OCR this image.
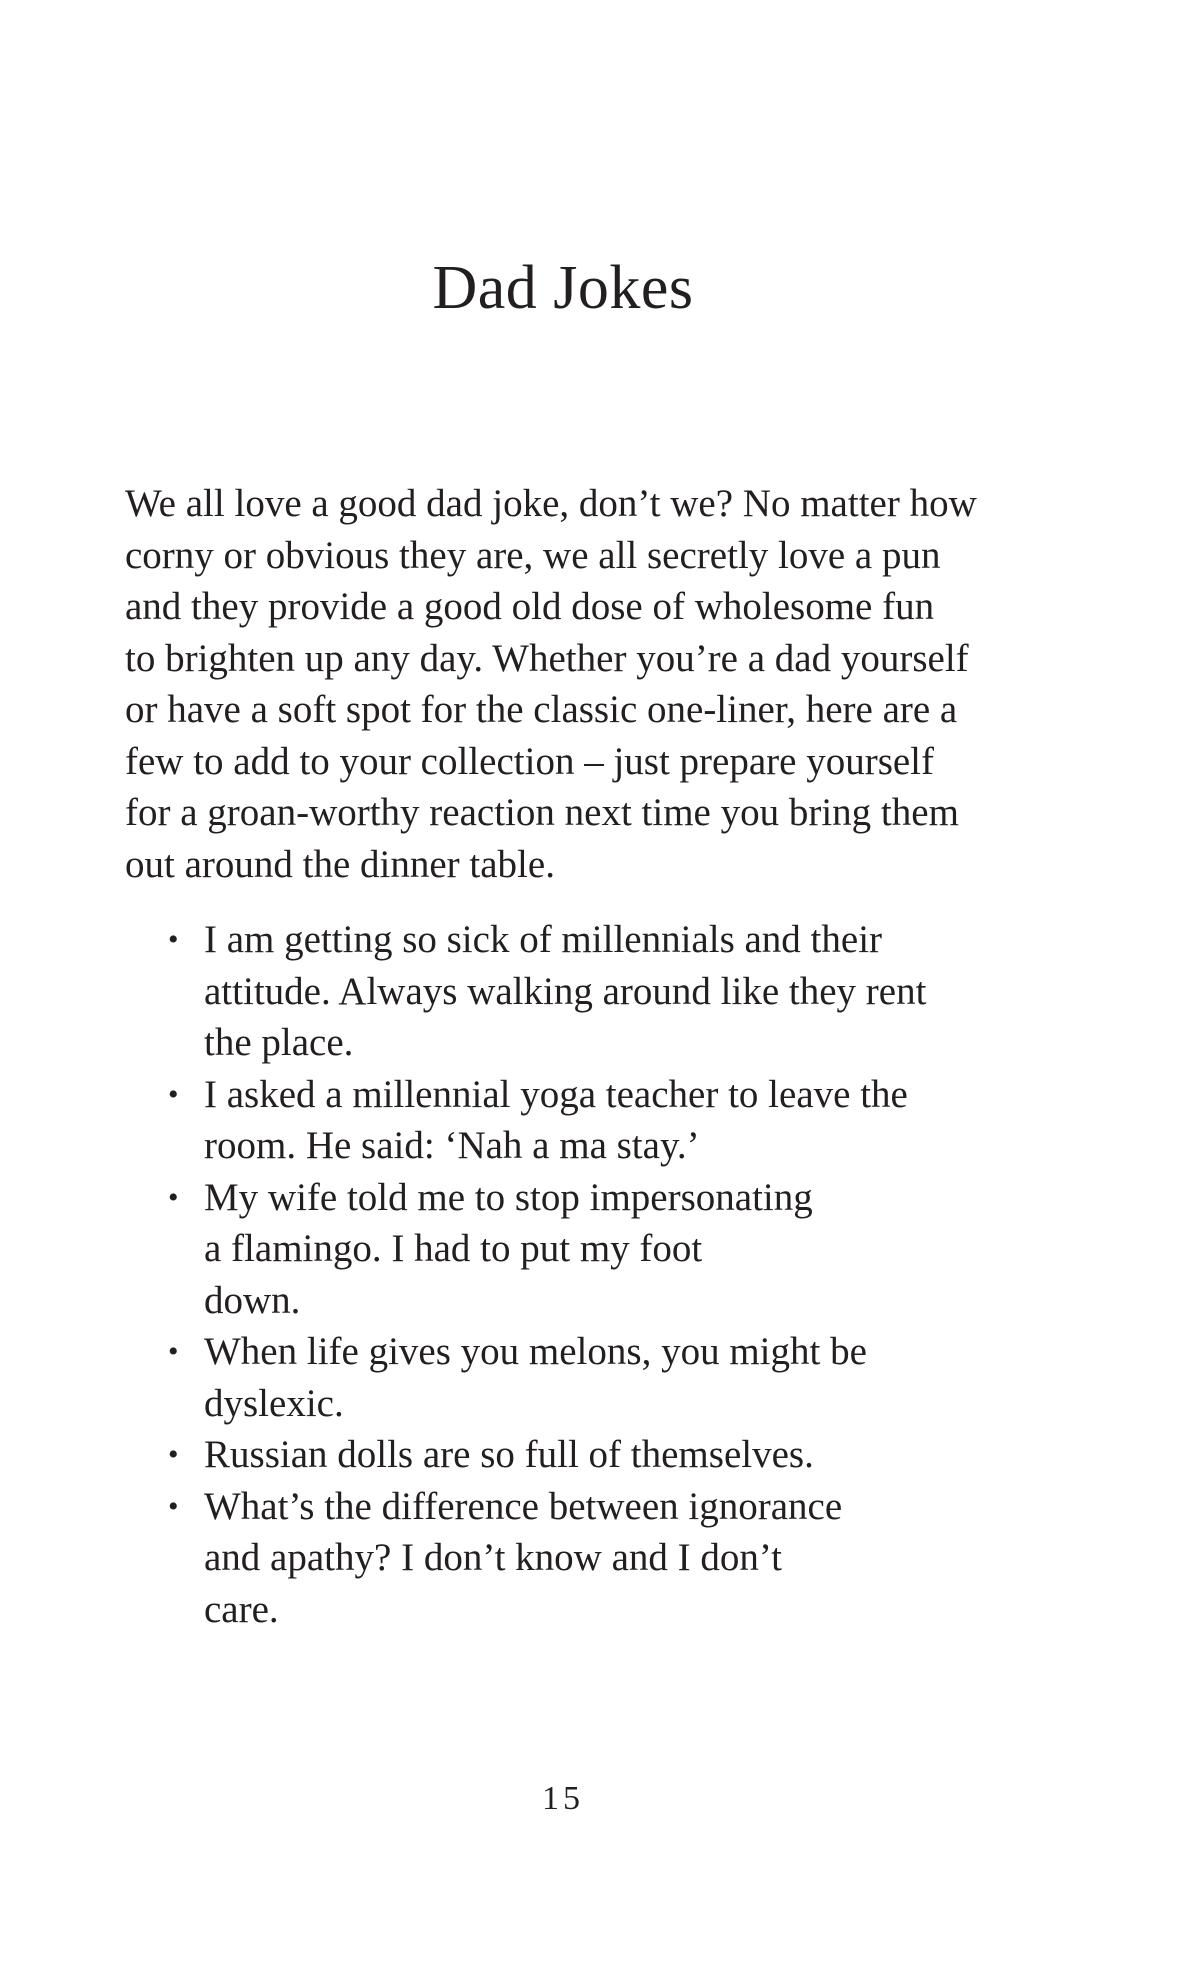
Dad Jokes

We all love a good dad joke, don’t we? No matter how
corny or obvious they are, we all secretly love a pun
and they provide a good old dose of wholesome fun
to brighten up any day. Whether you’re a dad yourself
or have a soft spot for the classic one-liner, here are a
few to add to your collection – just prepare yourself
for a groan-worthy reaction next time you bring them
out around the dinner table.

• I am getting so sick of millennials and their
attitude. Always walking around like they rent
the place.
• I asked a millennial yoga teacher to leave the
room. He said: ‘Nah a ma stay.’
• My wife told me to stop impersonating
a flamingo. I had to put my foot
down.
• When life gives you melons, you might be
dyslexic.
• Russian dolls are so full of themselves.
• What’s the difference between ignorance
and apathy? I don’t know and I don’t
care.

15
